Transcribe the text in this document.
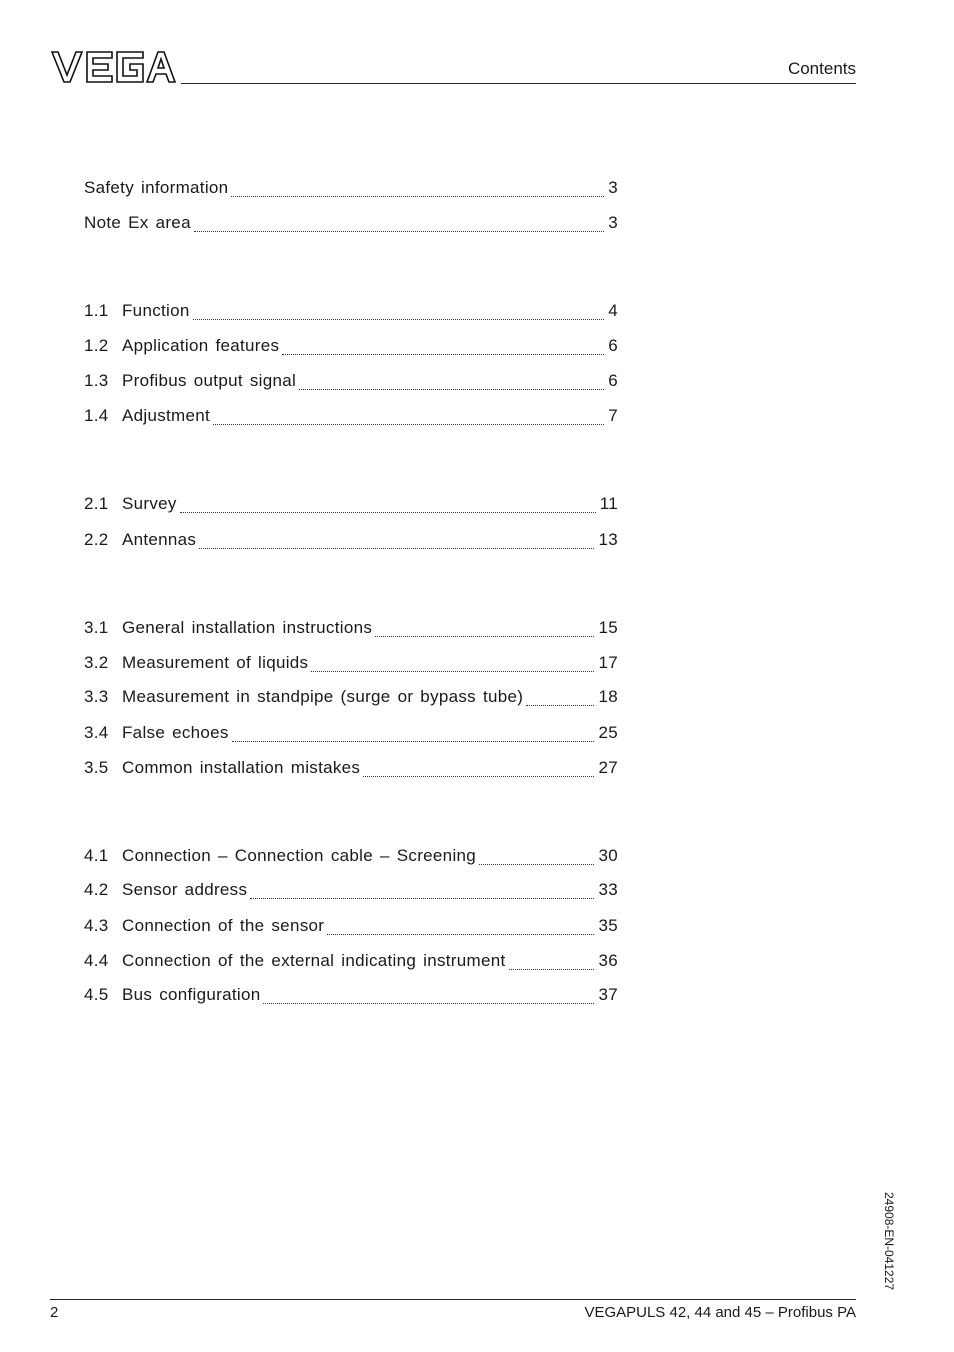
Contents
Safety information	3
Note Ex area	3
1.1 Function	4
1.2 Application features	6
1.3 Profibus output signal	6
1.4 Adjustment	7
2.1 Survey	11
2.2 Antennas	13
3.1 General installation instructions	15
3.2 Measurement of liquids	17
3.3 Measurement in standpipe (surge or bypass tube)	18
3.4 False echoes	25
3.5 Common installation mistakes	27
4.1 Connection – Connection cable – Screening	30
4.2 Sensor address	33
4.3 Connection of the sensor	35
4.4 Connection of the external indicating instrument	36
4.5 Bus configuration	37
24908-EN-041227
2	VEGAPULS 42, 44 and 45 – Profibus PA
